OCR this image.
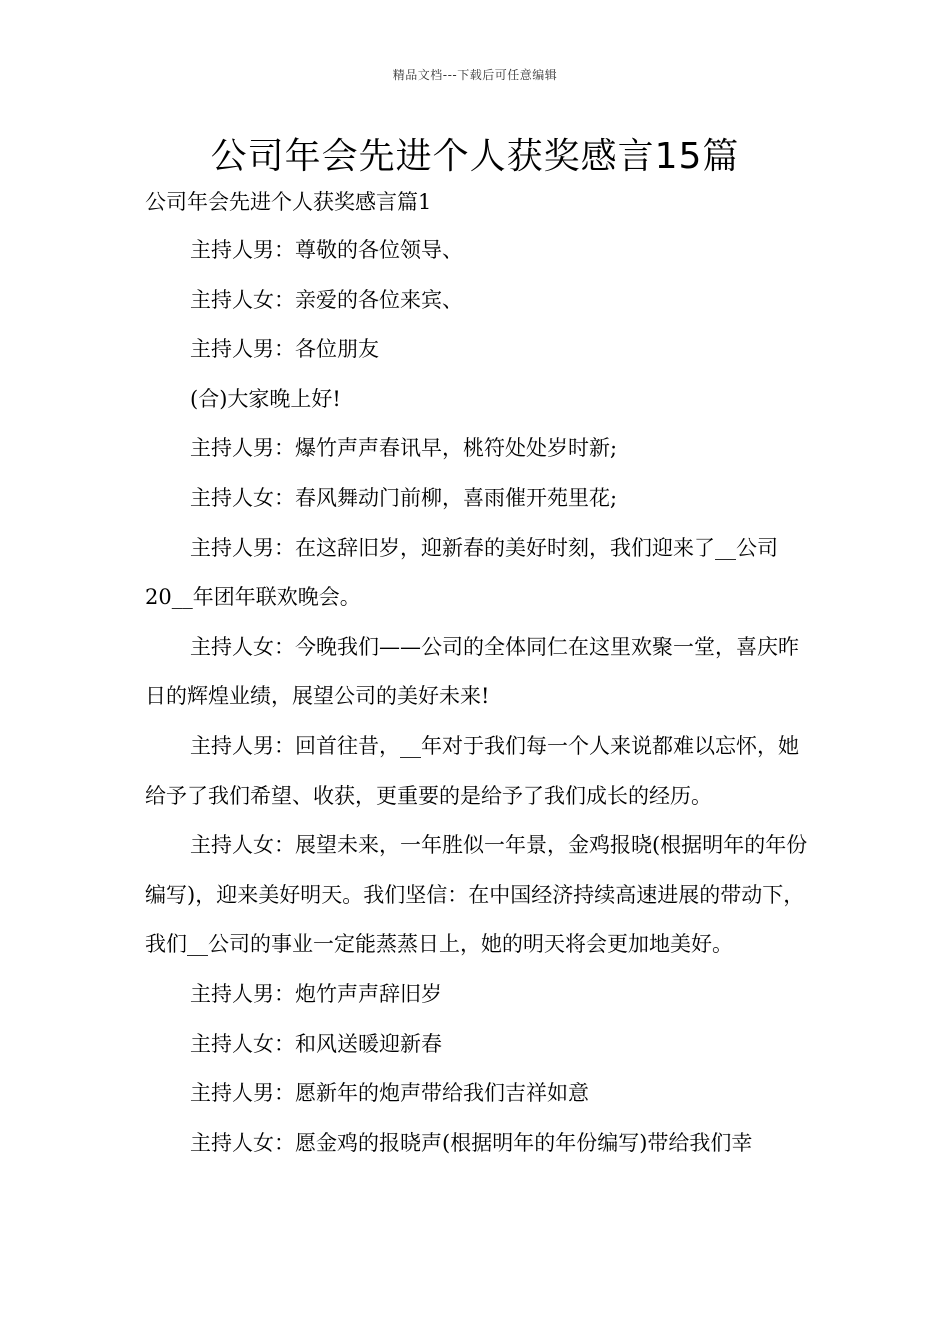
精品文档---下载后可任意编辑
公司年会先进个人获奖感言15篇
公司年会先进个人获奖感言篇1

主持人男：尊敬的各位领导、

主持人女：亲爱的各位来宾、

主持人男：各位朋友

(合)大家晚上好!

主持人男：爆竹声声春讯早，桃符处处岁时新;

主持人女：春风舞动门前柳，喜雨催开苑里花;

主持人男：在这辞旧岁，迎新春的美好时刻，我们迎来了__公司20__年团年联欢晚会。

主持人女：今晚我们——公司的全体同仁在这里欢聚一堂，喜庆昨日的辉煌业绩，展望公司的美好未来!

主持人男：回首往昔，__年对于我们每一个人来说都难以忘怀，她给予了我们希望、收获，更重要的是给予了我们成长的经历。

主持人女：展望未来，一年胜似一年景，金鸡报晓(根据明年的年份编写)，迎来美好明天。我们坚信：在中国经济持续高速进展的带动下，我们__公司的事业一定能蒸蒸日上，她的明天将会更加地美好。

主持人男：炮竹声声辞旧岁

主持人女：和风送暖迎新春

主持人男：愿新年的炮声带给我们吉祥如意

主持人女：愿金鸡的报晓声(根据明年的年份编写)带给我们幸
